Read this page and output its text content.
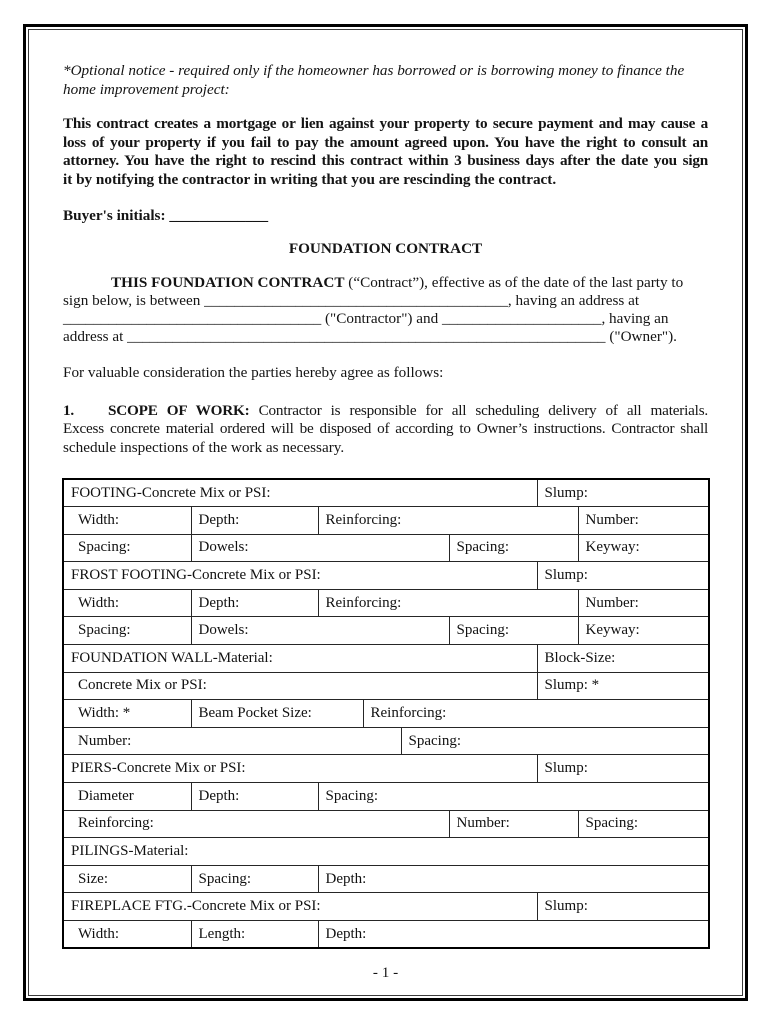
*Optional notice - required only if the homeowner has borrowed or is borrowing money to finance the
home improvement project:
This contract creates a mortgage or lien against your property to secure payment and may cause a
loss of your property if you fail to pay the amount agreed upon. You have the right to consult an
attorney. You have the right to rescind this contract within 3 business days after the date you sign
it by notifying the contractor in writing that you are rescinding the contract.
Buyer's initials: _____________
FOUNDATION CONTRACT
THIS FOUNDATION CONTRACT (“Contract”), effective as of the date of the last party to
sign below, is between ________________________________________, having an address at
__________________________________ ("Contractor") and _____________________, having an
address at _______________________________________________________________ ("Owner").
For valuable consideration the parties hereby agree as follows:
1. SCOPE OF WORK: Contractor is responsible for all scheduling delivery of all materials.
Excess concrete material ordered will be disposed of according to Owner’s instructions. Contractor shall
schedule inspections of the work as necessary.
FOOTING-Concrete Mix or PSI:						Slump:	
Width:	Depth:	Reinforcing:					Number:
Spacing:	Dowels:				Spacing:		Keyway:
FROST FOOTING-Concrete Mix or PSI:						Slump:	
Width:	Depth:	Reinforcing:					Number:
Spacing:	Dowels:				Spacing:		Keyway:
FOUNDATION WALL-Material:						Block-Size:	
Concrete Mix or PSI:						Slump: *	
Width: *	Beam Pocket Size:		Reinforcing:				
Number:				Spacing:			
PIERS-Concrete Mix or PSI:						Slump:	
Diameter	Depth:	Spacing:					
Reinforcing:					Number:		Spacing:
PILINGS-Material:							
Size:	Spacing:	Depth:					
FIREPLACE FTG.-Concrete Mix or PSI:						Slump:	
Width:	Length:	Depth:					
- 1 -
